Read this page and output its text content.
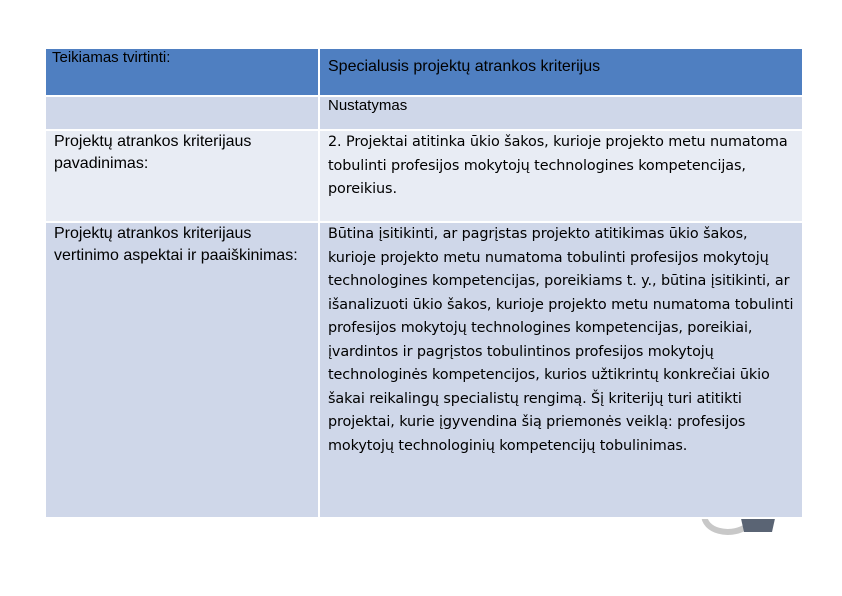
Teikiamas tvirtinti:	Specialusis projektų atrankos kriterijus
	Nustatymas

Projektų atrankos kriterijaus pavadinimas:	2. Projektai atitinka ūkio šakos, kurioje projekto metu numatoma tobulinti profesijos mokytojų technologines kompetencijas, poreikius.

Projektų atrankos kriterijaus vertinimo aspektai ir paaiškinimas:	Būtina įsitikinti, ar pagrįstas projekto atitikimas ūkio šakos, kurioje projekto metu numatoma tobulinti profesijos mokytojų technologines kompetencijas, poreikiams t. y., būtina įsitikinti, ar išanalizuoti ūkio šakos, kurioje projekto metu numatoma tobulinti profesijos mokytojų technologines kompetencijas, poreikiai, įvardintos ir pagrįstos tobulintinos profesijos mokytojų technologinės kompetencijos, kurios užtikrintų konkrečiai ūkio šakai reikalingų specialistų rengimą. Šį kriterijų turi atitikti projektai, kurie įgyvendina šią priemonės veiklą: profesijos mokytojų technologinių kompetencijų tobulinimas.
